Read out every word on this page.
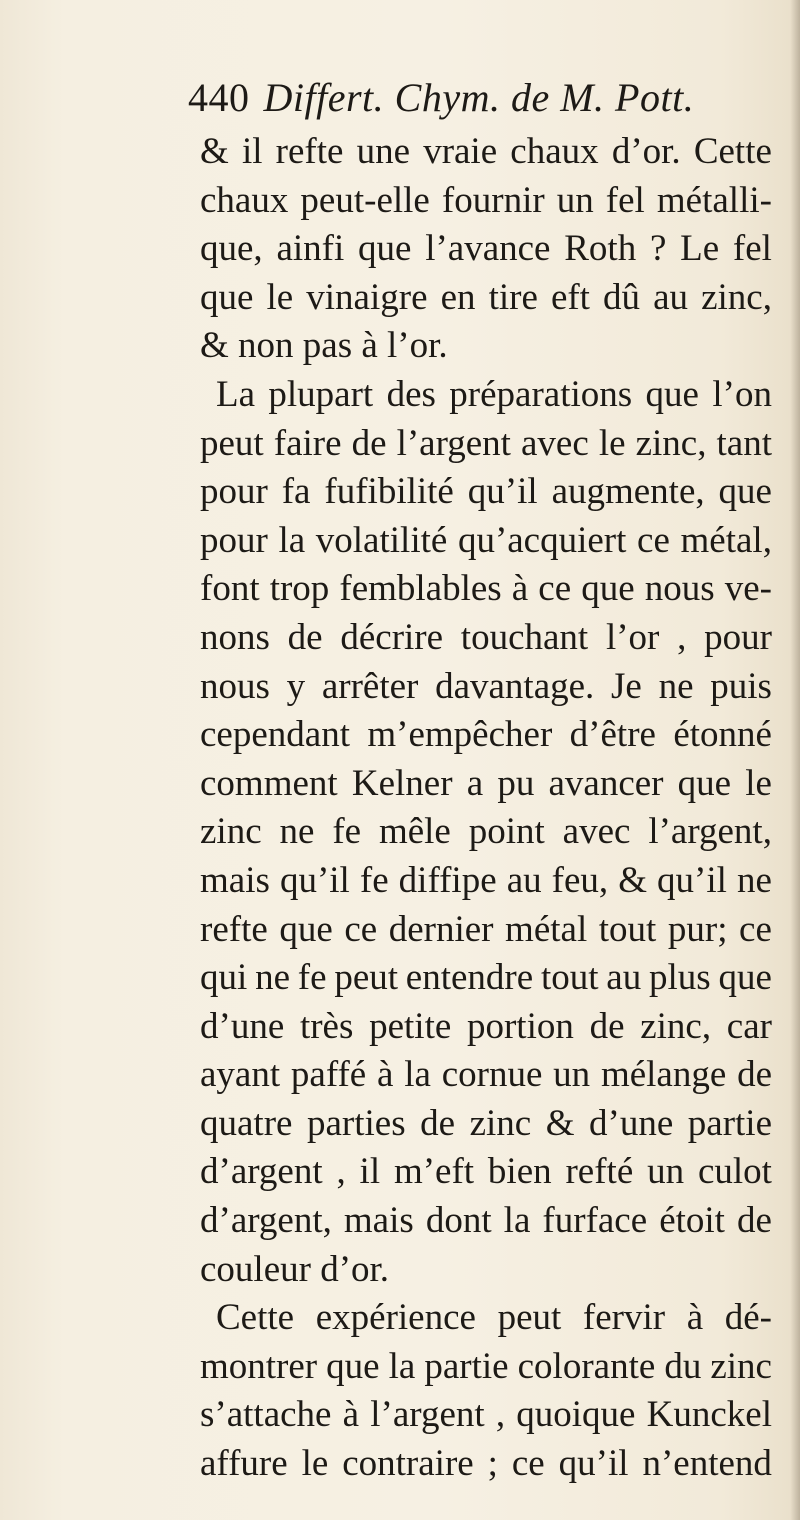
440 Differt. Chym. de M. Pott.
& il refte une vraie chaux d’or. Cette
chaux peut-elle fournir un fel métalli-
que, ainfi que l’avance Roth ? Le fel
que le vinaigre en tire eft dû au zinc,
& non pas à l’or.
La plupart des préparations que l’on
peut faire de l’argent avec le zinc, tant
pour fa fufibilité qu’il augmente, que
pour la volatilité qu’acquiert ce métal,
font trop femblables à ce que nous ve-
nons de décrire touchant l’or , pour
nous y arrêter davantage. Je ne puis
cependant m’empêcher d’être étonné
comment Kelner a pu avancer que le
zinc ne fe mêle point avec l’argent,
mais qu’il fe diffipe au feu, & qu’il ne
refte que ce dernier métal tout pur; ce
qui ne fe peut entendre tout au plus que
d’une très petite portion de zinc, car
ayant paffé à la cornue un mélange de
quatre parties de zinc & d’une partie
d’argent , il m’eft bien refté un culot
d’argent, mais dont la furface étoit de
couleur d’or.
Cette expérience peut fervir à dé-
montrer que la partie colorante du zinc
s’attache à l’argent , quoique Kunckel
affure le contraire ; ce qu’il n’entend
